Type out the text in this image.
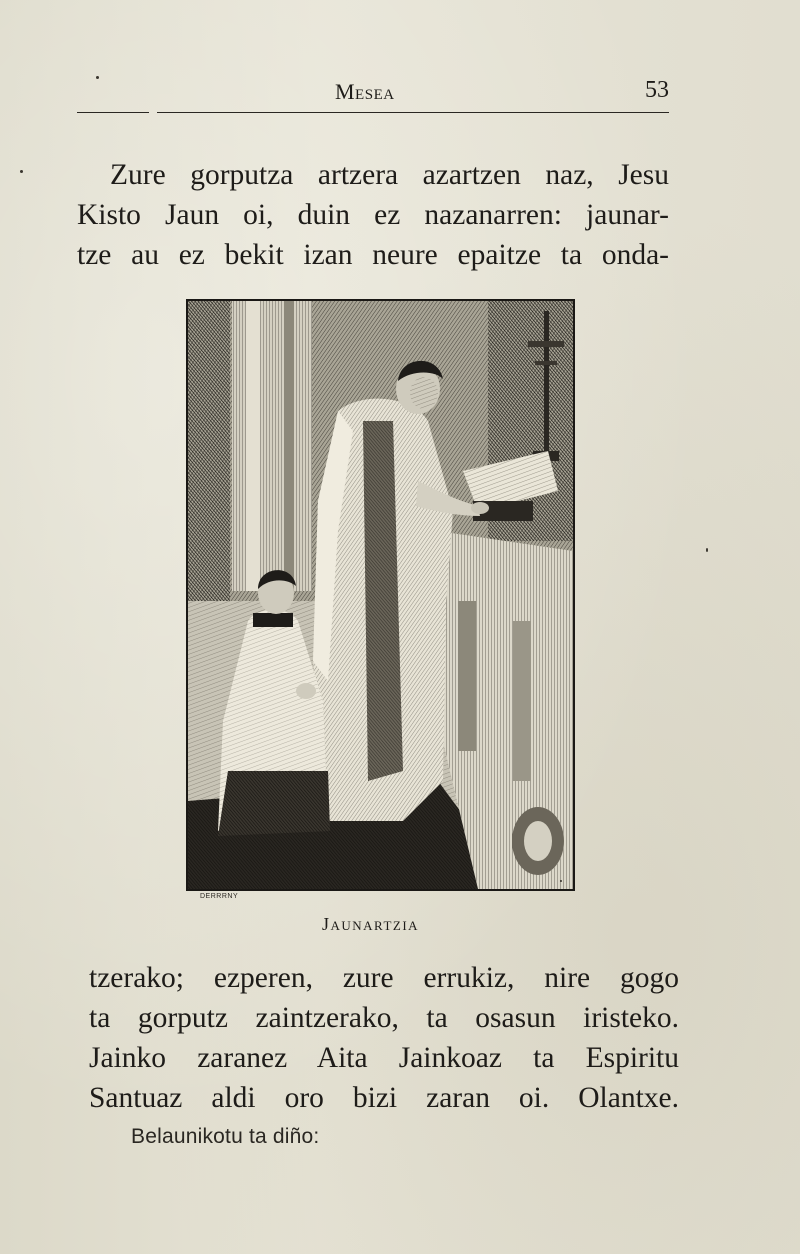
Mesea	53

Zure gorputza artzera azartzen naz, Jesu
Kisto Jaun oi, duin ez nazanarren: jaunar-
tze au ez bekit izan neure epaitze ta onda-

DERRRNY
Jaunartzia

tzerako; ezperen, zure errukiz, nire gogo
ta gorputz zaintzerako, ta osasun iristeko.
Jainko zaranez Aita Jainkoaz ta Espiritu
Santuaz aldi oro bizi zaran oi. Olantxe.

Belaunikotu ta diño:
